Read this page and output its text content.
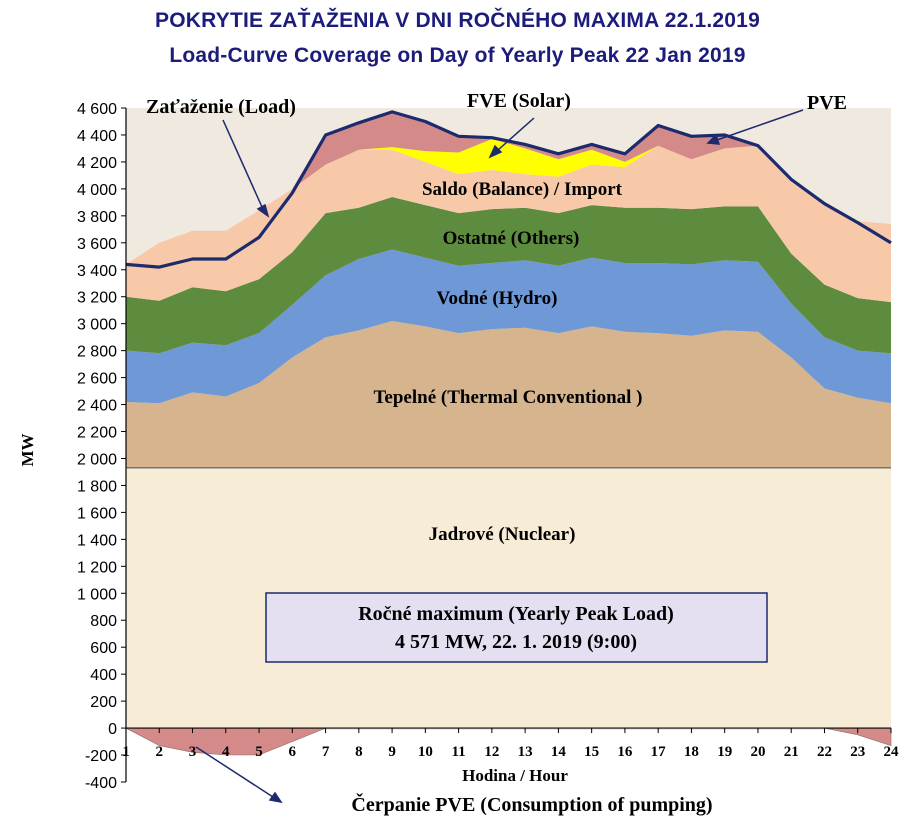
POKRYTIE ZAŤAŽENIA V DNI ROČNÉHO MAXIMA 22.1.2019
Load-Curve Coverage on Day of Yearly Peak 22 Jan 2019
-400
-200
0
200
400
600
800
1 000
1 200
1 400
1 600
1 800
2 000
2 200
2 400
2 600
2 800
3 000
3 200
3 400
3 600
3 800
4 000
4 200
4 400
4 600
1 2 3 4 5 6 7 8 9 10 11 12 13 14 15 16 17 18 19 20 21 22 23 24
MW
Hodina / Hour
Zaťaženie (Load)	FVE (Solar)	PVE
Saldo (Balance) / Import
Ostatné (Others)
Vodné (Hydro)
Tepelné (Thermal Conventional )
Jadrové (Nuclear)
Čerpanie PVE (Consumption of pumping)
Ročné maximum (Yearly Peak Load)
4 571 MW, 22. 1. 2019 (9:00)
